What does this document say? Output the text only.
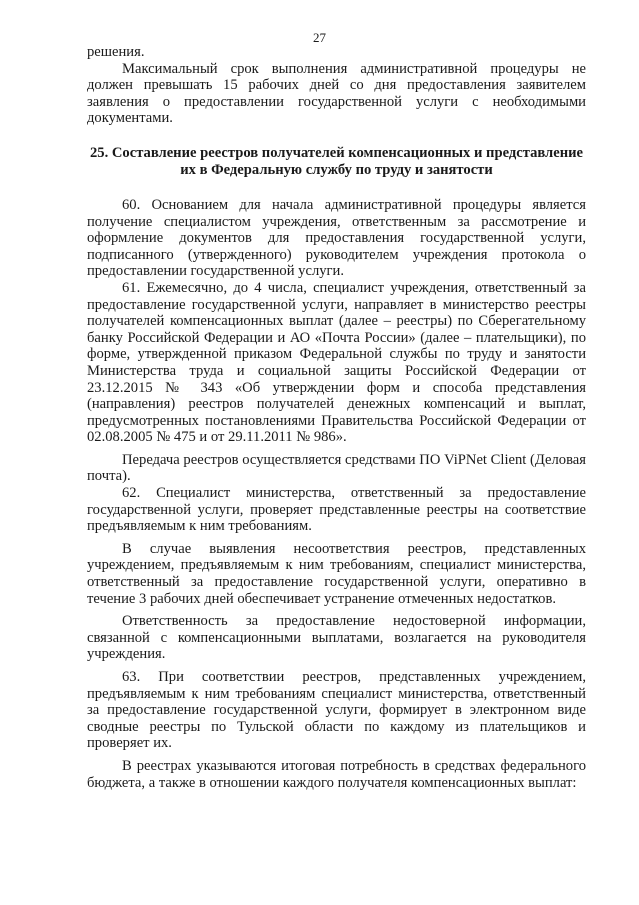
27

решения.

Максимальный срок выполнения административной процедуры не должен превышать 15 рабочих дней со дня предоставления заявителем заявления о предоставлении государственной услуги с необходимыми документами.

25. Составление реестров получателей компенсационных и представление их в Федеральную службу по труду и занятости

60. Основанием для начала административной процедуры является получение специалистом учреждения, ответственным за рассмотрение и оформление документов для предоставления государственной услуги, подписанного (утвержденного) руководителем учреждения протокола о предоставлении государственной услуги.

61. Ежемесячно, до 4 числа, специалист учреждения, ответственный за предоставление государственной услуги, направляет в министерство реестры получателей компенсационных выплат (далее – реестры) по Сберегательному банку Российской Федерации и АО «Почта России» (далее – плательщики), по форме, утвержденной приказом Федеральной службы по труду и занятости Министерства труда и социальной защиты Российской Федерации от 23.12.2015 № 343 «Об утверждении форм и способа представления (направления) реестров получателей денежных компенсаций и выплат, предусмотренных постановлениями Правительства Российской Федерации от 02.08.2005 № 475 и от 29.11.2011 № 986».

Передача реестров осуществляется средствами ПО ViPNet Client (Деловая почта).

62. Специалист министерства, ответственный за предоставление государственной услуги, проверяет представленные реестры на соответствие предъявляемым к ним требованиям.

В случае выявления несоответствия реестров, представленных учреждением, предъявляемым к ним требованиям, специалист министерства, ответственный за предоставление государственной услуги, оперативно в течение 3 рабочих дней обеспечивает устранение отмеченных недостатков.

Ответственность за предоставление недостоверной информации, связанной с компенсационными выплатами, возлагается на руководителя учреждения.

63. При соответствии реестров, представленных учреждением, предъявляемым к ним требованиям специалист министерства, ответственный за предоставление государственной услуги, формирует в электронном виде сводные реестры по Тульской области по каждому из плательщиков и проверяет их.

В реестрах указываются итоговая потребность в средствах федерального бюджета, а также в отношении каждого получателя компенсационных выплат:
